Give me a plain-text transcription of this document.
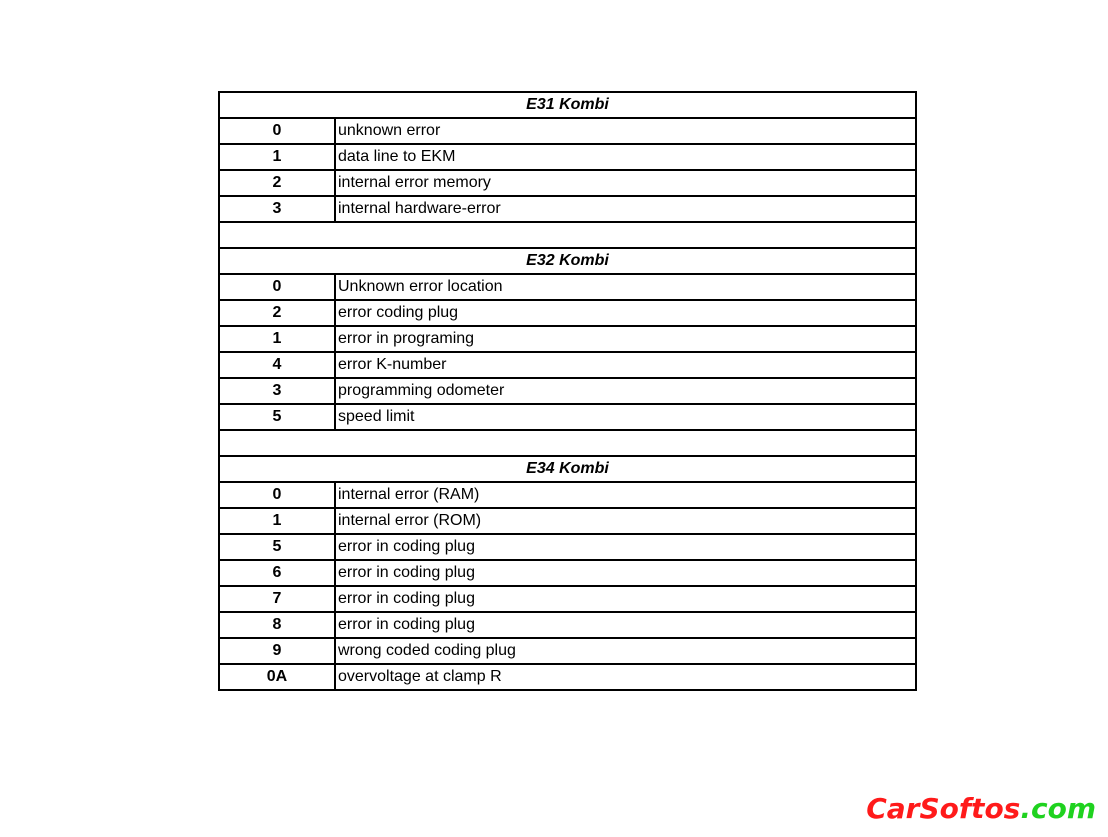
E31 Kombi	
0	unknown error
1	data line to EKM
2	internal error memory
3	internal hardware-error

E32 Kombi	
0	Unknown error location
2	error coding plug
1	error in programing
4	error K-number
3	programming odometer
5	speed limit

E34 Kombi	
0	internal error (RAM)
1	internal error (ROM)
5	error in coding plug
6	error in coding plug
7	error in coding plug
8	error in coding plug
9	wrong coded coding plug
0A	overvoltage at clamp R
CarSoftos.com
